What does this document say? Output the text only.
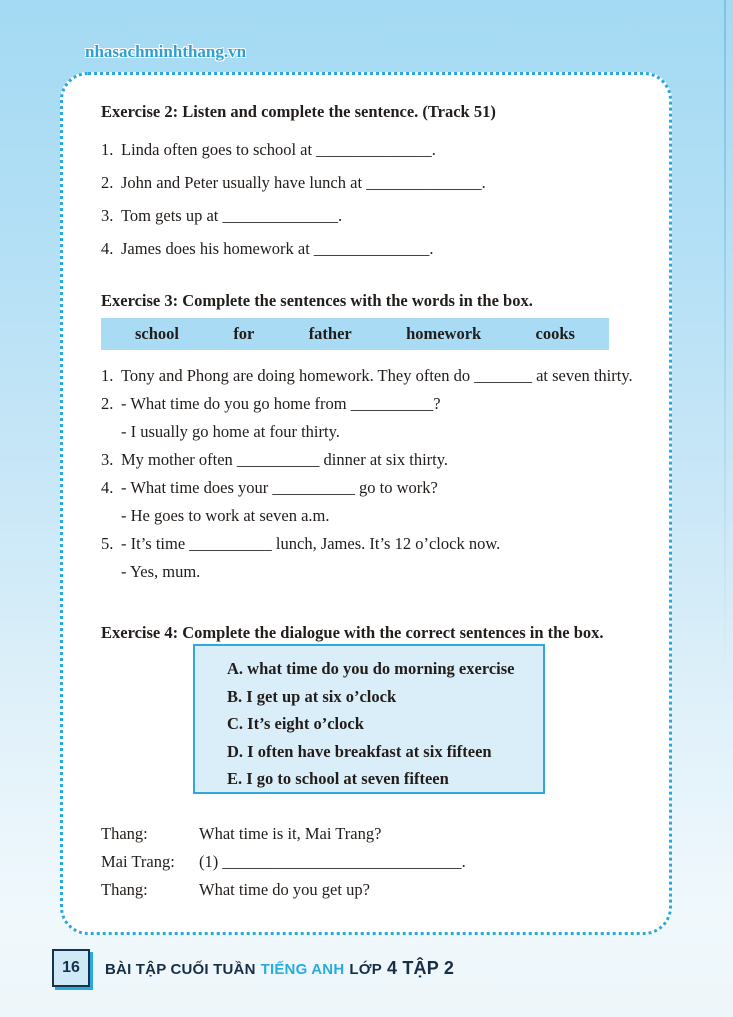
nhasachminhthang.vn
Exercise 2: Listen and complete the sentence. (Track 51)
1. Linda often goes to school at ______________.
2. John and Peter usually have lunch at ______________.
3. Tom gets up at ______________.
4. James does his homework at ______________.
Exercise 3: Complete the sentences with the words in the box.
school	for	father	homework	cooks
1. Tony and Phong are doing homework. They often do _______ at seven thirty.
2. - What time do you go home from __________?
- I usually go home at four thirty.
3. My mother often __________ dinner at six thirty.
4. - What time does your __________ go to work?
- He goes to work at seven a.m.
5. - It’s time __________ lunch, James. It’s 12 o’clock now.
- Yes, mum.
Exercise 4: Complete the dialogue with the correct sentences in the box.
A. what time do you do morning exercise
B. I get up at six o’clock
C. It’s eight o’clock
D. I often have breakfast at six fifteen
E. I go to school at seven fifteen
Thang:	What time is it, Mai Trang?
Mai Trang:	(1) _____________________________.
Thang:	What time do you get up?
16	BÀI TẬP CUỐI TUẦN TIẾNG ANH LỚP 4 TẬP 2
